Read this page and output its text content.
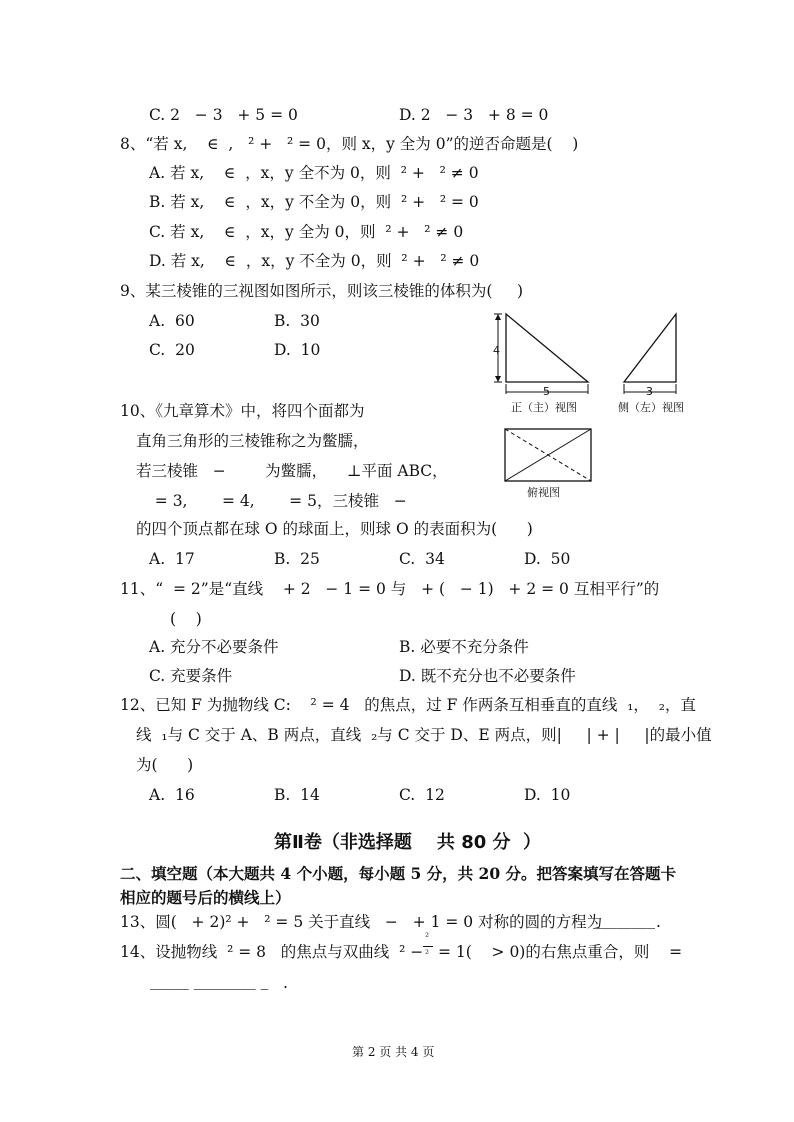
C. 2   − 3   + 5 = 0	D. 2   − 3   + 8 = 0
8、“若 x,    ∈  ,   ² +   ² = 0，则 x，y 全为 0”的逆否命题是(    )
A. 若 x,    ∈  ，x，y 全不为 0，则  ² +   ² ≠ 0
B. 若 x,    ∈  ，x，y 不全为 0，则  ² +   ² = 0
C. 若 x,    ∈  ，x，y 全为 0，则  ² +   ² ≠ 0
D. 若 x,    ∈  ，x，y 不全为 0，则  ² +   ² ≠ 0
9、某三棱锥的三视图如图所示，则该三棱锥的体积为(     )
A.  60	B.  30
C.  20	D.  10	4
5
正（主）视图
3
侧（左）视图
俯视图
10、《九章算术》中，将四个面都为
直角三角形的三棱锥称之为鳖臑，
若三棱锥   −        为鳖臑，    ⊥平面 ABC，
= 3,       = 4,       = 5，三棱锥   −
的四个顶点都在球 O 的球面上，则球 O 的表面积为(      )
A.  17	B.  25	C.  34	D.  50
11、“  = 2”是“直线    + 2   − 1 = 0 与   + (   − 1)   + 2 = 0 互相平行”的
(    )
A. 充分不必要条件	B. 必要不充分条件
C. 充要条件	D. 既不充分也不必要条件
12、已知 F 为抛物线 C:    ² = 4   的焦点，过 F 作两条互相垂直的直线  ₁，  ₂，直
线  ₁与 C 交于 A、B 两点，直线  ₂与 C 交于 D、E 两点，则|     | + |     |的最小值
为(      )
A.  16	B.  14	C.  12	D.  10
第Ⅱ卷（非选择题    共 80 分  ）
二、填空题（本大题共 4 个小题，每小题 5 分，共 20 分。把答案填写在答题卡
相应的题号后的横线上）
13、圆(   + 2)² +   ² = 5 关于直线   −   + 1 = 0 对称的圆的方程为
________ .
14、设抛物线  ² = 8   的焦点与双曲线  ² −
²
² = 1(    > 0)的右焦点重合，则    =
_____ ________ _ .
第 2 页 共 4 页
